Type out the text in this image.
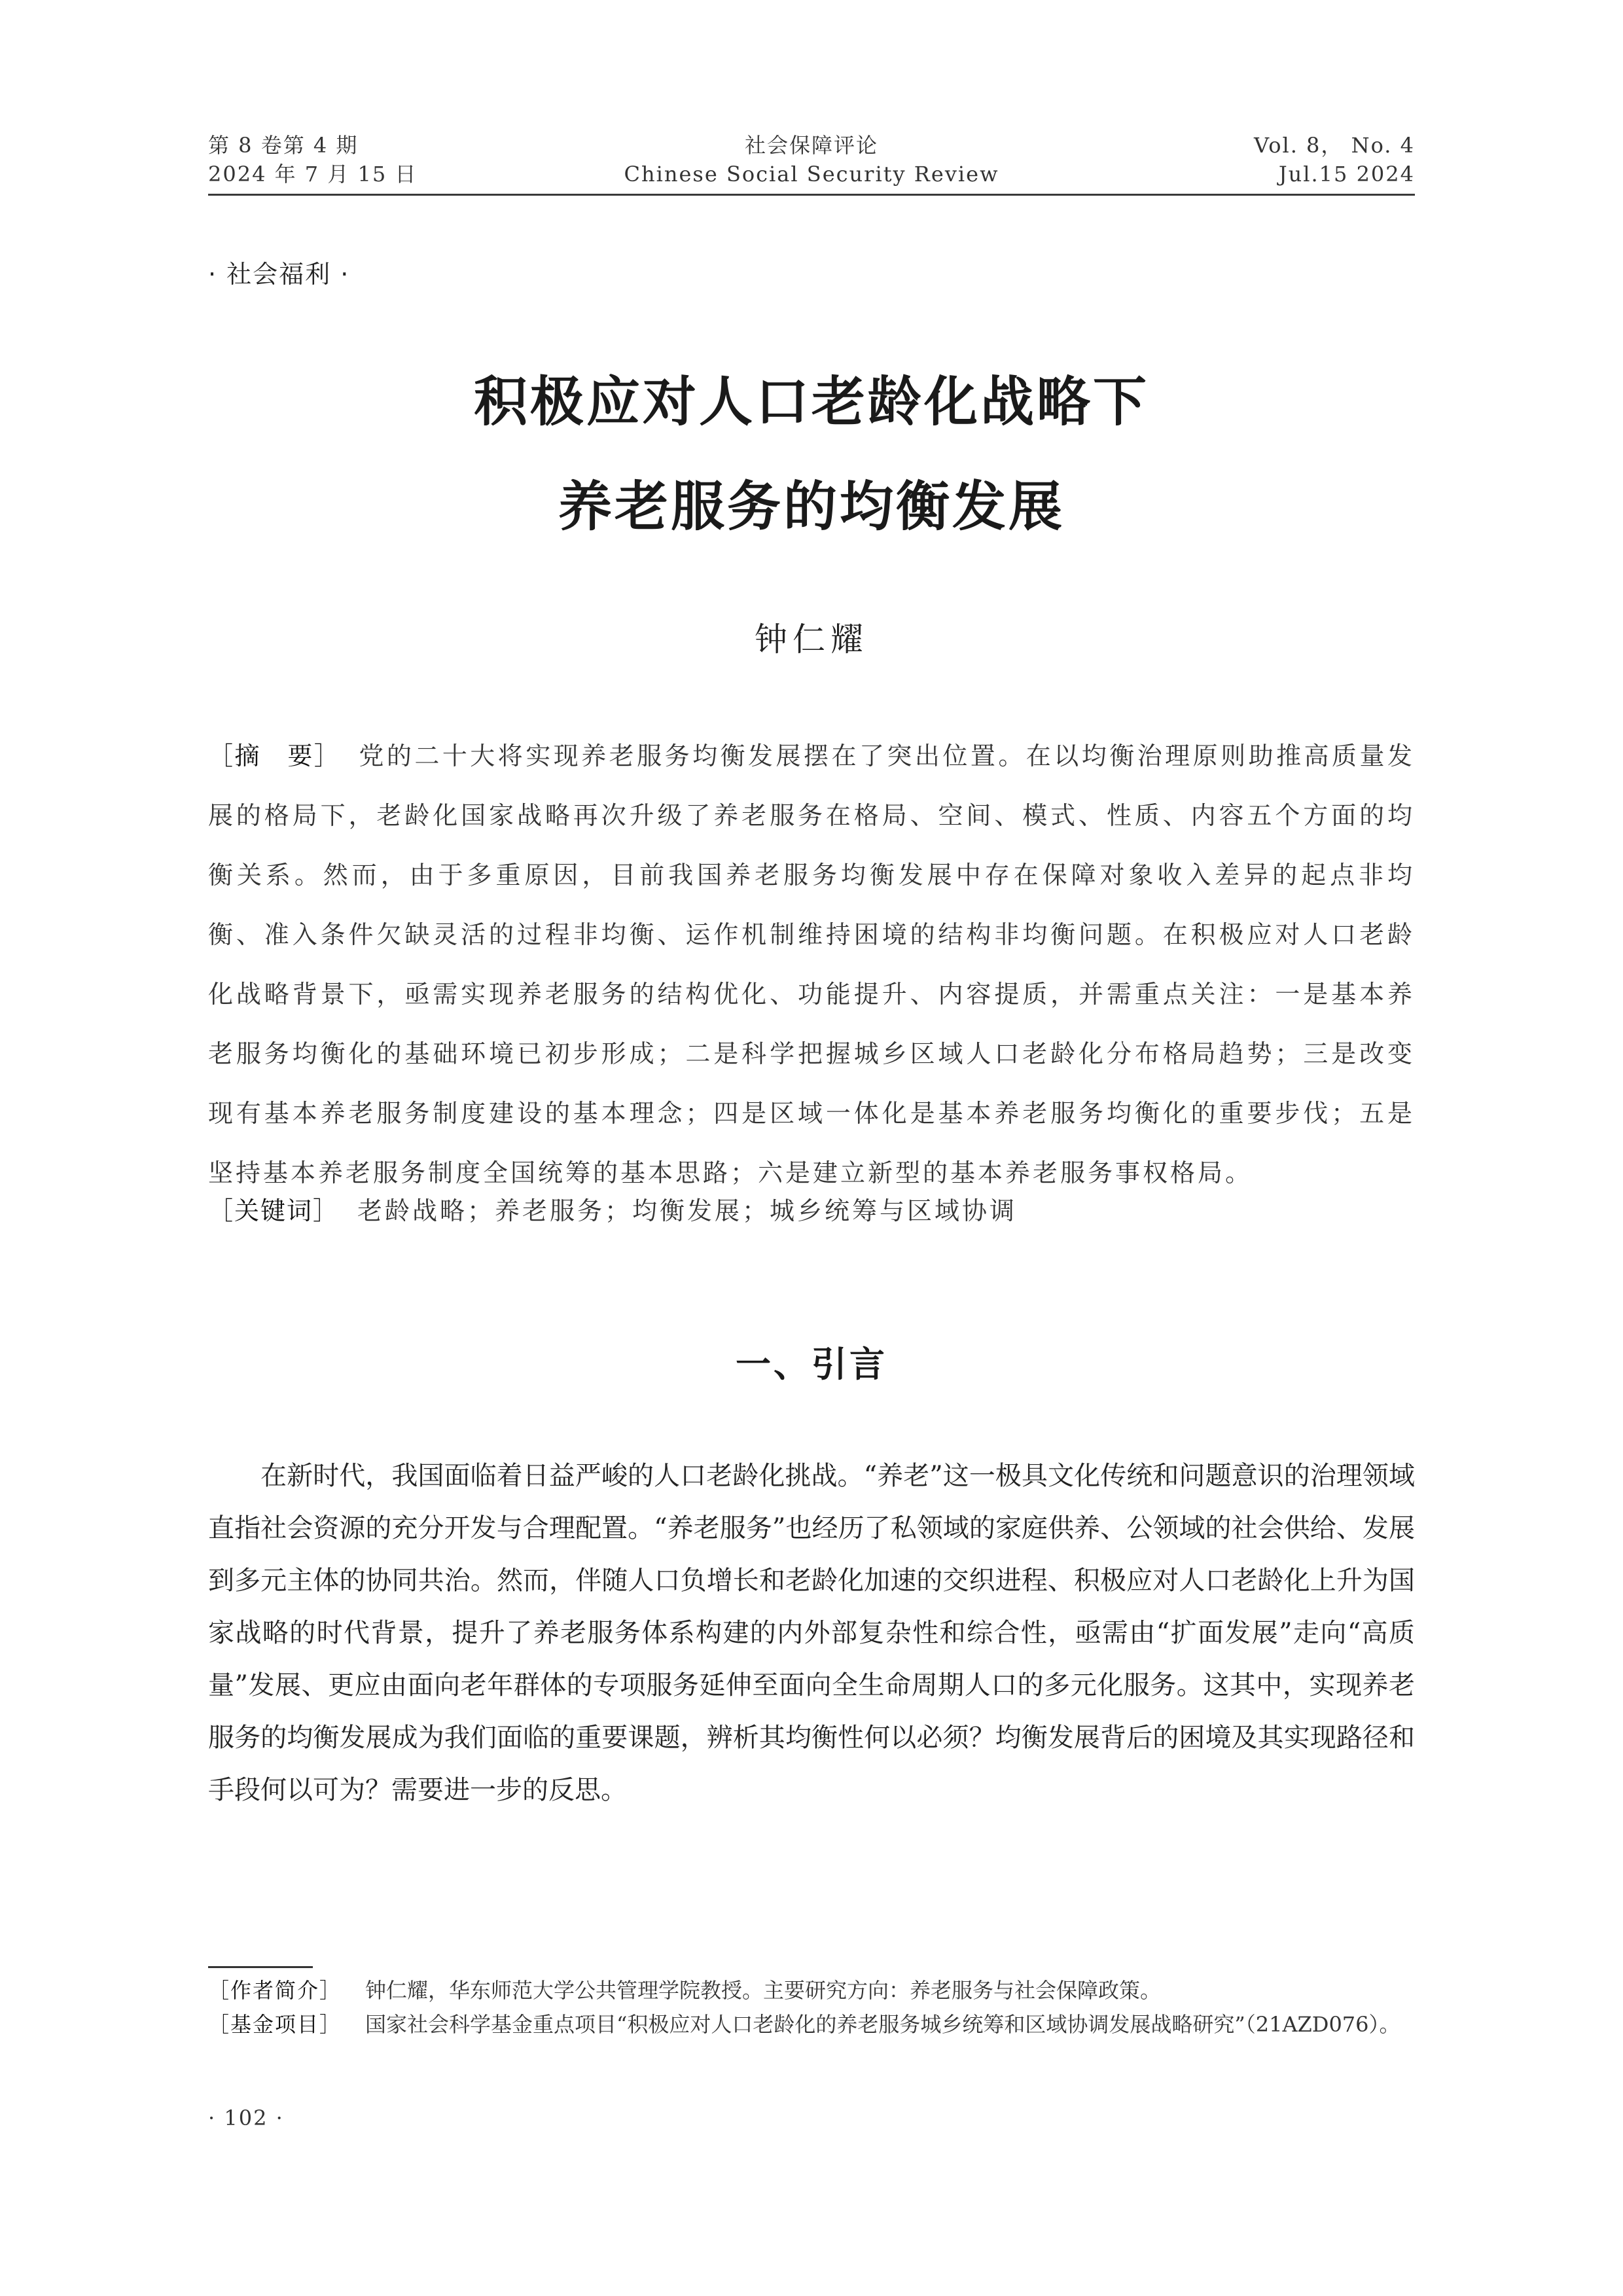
第 8 卷第 4 期
2024 年 7 月 15 日
社会保障评论
Chinese Social Security Review
Vol. 8， No. 4
Jul.15 2024
· 社会福利 ·
积极应对人口老龄化战略下
养老服务的均衡发展
钟仁耀
［摘　要］ 党的二十大将实现养老服务均衡发展摆在了突出位置。在以均衡治理原则助推高质量发展的格局下，老龄化国家战略再次升级了养老服务在格局、空间、模式、性质、内容五个方面的均衡关系。然而，由于多重原因，目前我国养老服务均衡发展中存在保障对象收入差异的起点非均衡、准入条件欠缺灵活的过程非均衡、运作机制维持困境的结构非均衡问题。在积极应对人口老龄化战略背景下，亟需实现养老服务的结构优化、功能提升、内容提质，并需重点关注：一是基本养老服务均衡化的基础环境已初步形成；二是科学把握城乡区域人口老龄化分布格局趋势；三是改变现有基本养老服务制度建设的基本理念；四是区域一体化是基本养老服务均衡化的重要步伐；五是坚持基本养老服务制度全国统筹的基本思路；六是建立新型的基本养老服务事权格局。
［关键词］ 老龄战略；养老服务；均衡发展；城乡统筹与区域协调
一、引言
在新时代，我国面临着日益严峻的人口老龄化挑战。“养老”这一极具文化传统和问题意识的治理领域直指社会资源的充分开发与合理配置。“养老服务”也经历了私领域的家庭供养、公领域的社会供给、发展到多元主体的协同共治。然而，伴随人口负增长和老龄化加速的交织进程、积极应对人口老龄化上升为国家战略的时代背景，提升了养老服务体系构建的内外部复杂性和综合性，亟需由“扩面发展”走向“高质量”发展、更应由面向老年群体的专项服务延伸至面向全生命周期人口的多元化服务。这其中，实现养老服务的均衡发展成为我们面临的重要课题，辨析其均衡性何以必须？均衡发展背后的困境及其实现路径和手段何以可为？需要进一步的反思。
［作者简介］	钟仁耀，华东师范大学公共管理学院教授。主要研究方向：养老服务与社会保障政策。
［基金项目］	国家社会科学基金重点项目“积极应对人口老龄化的养老服务城乡统筹和区域协调发展战略研究”（21AZD076）。
· 102 ·
